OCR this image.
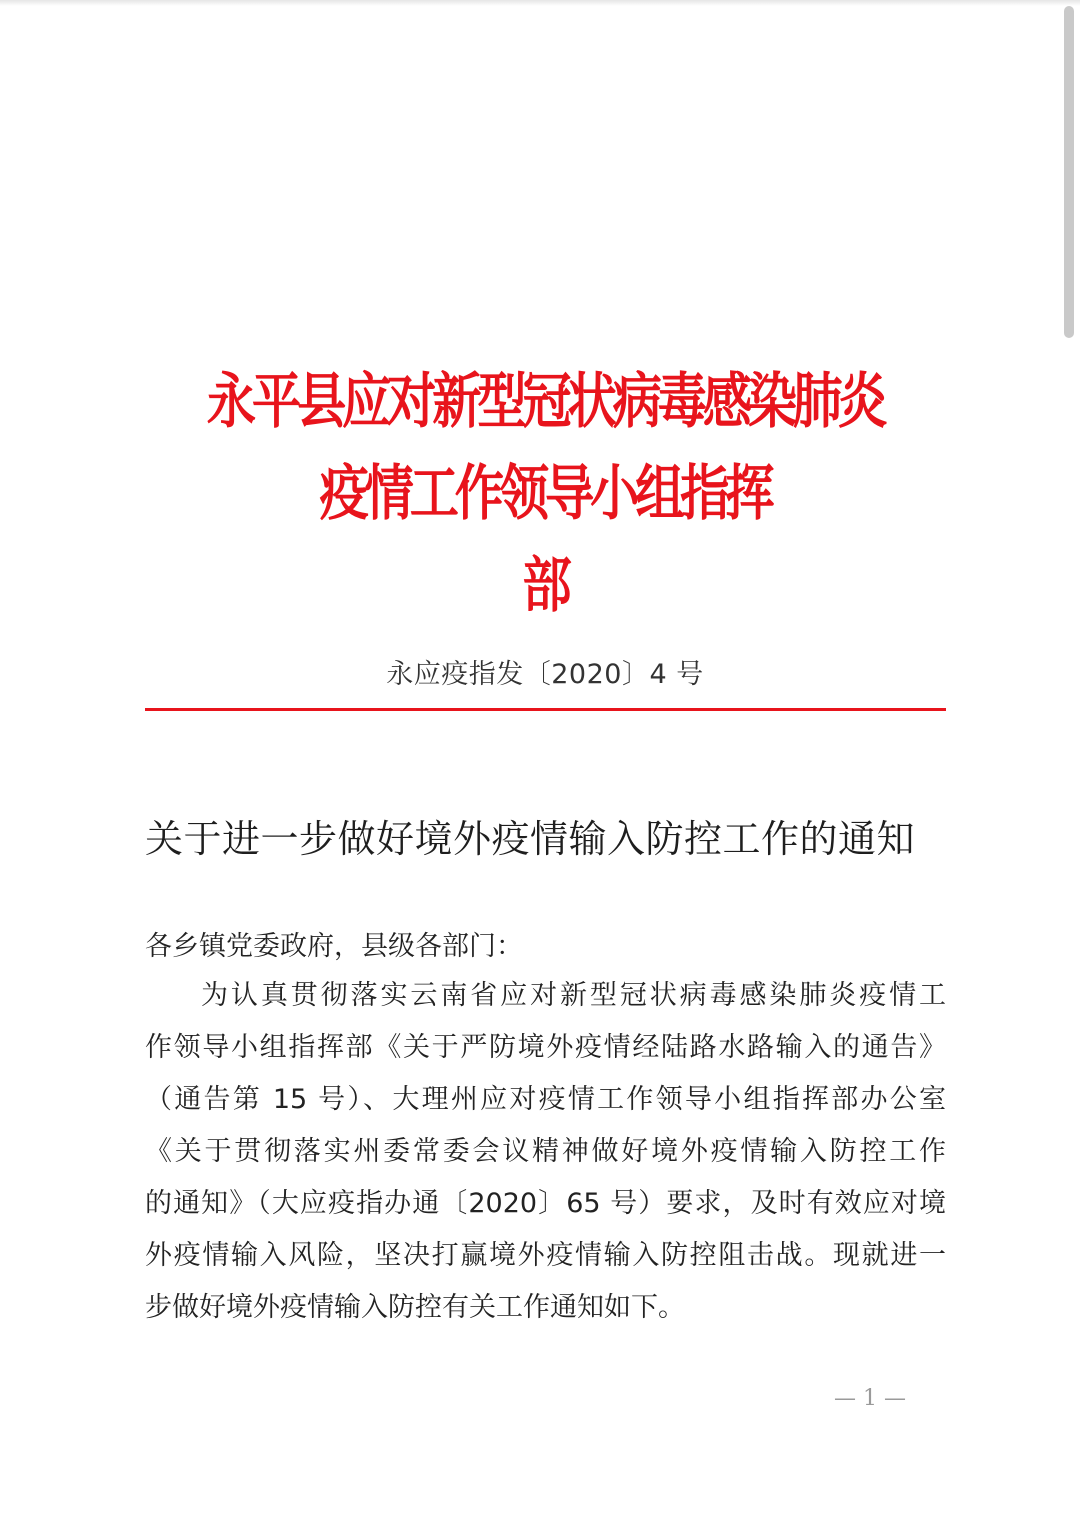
永平县应对新型冠状病毒感染肺炎疫情工作领导小组指挥
部
永应疫指发〔2020〕4 号
关于进一步做好境外疫情输入防控工作的通知
各乡镇党委政府，县级各部门：
为认真贯彻落实云南省应对新型冠状病毒感染肺炎疫情工
作领导小组指挥部《关于严防境外疫情经陆路水路输入的通告》
（通告第 15 号）、大理州应对疫情工作领导小组指挥部办公室
《关于贯彻落实州委常委会议精神做好境外疫情输入防控工作
的通知》（大应疫指办通〔2020〕65 号）要求，及时有效应对境
外疫情输入风险，坚决打赢境外疫情输入防控阻击战。现就进一
步做好境外疫情输入防控有关工作通知如下。
— 1 —
